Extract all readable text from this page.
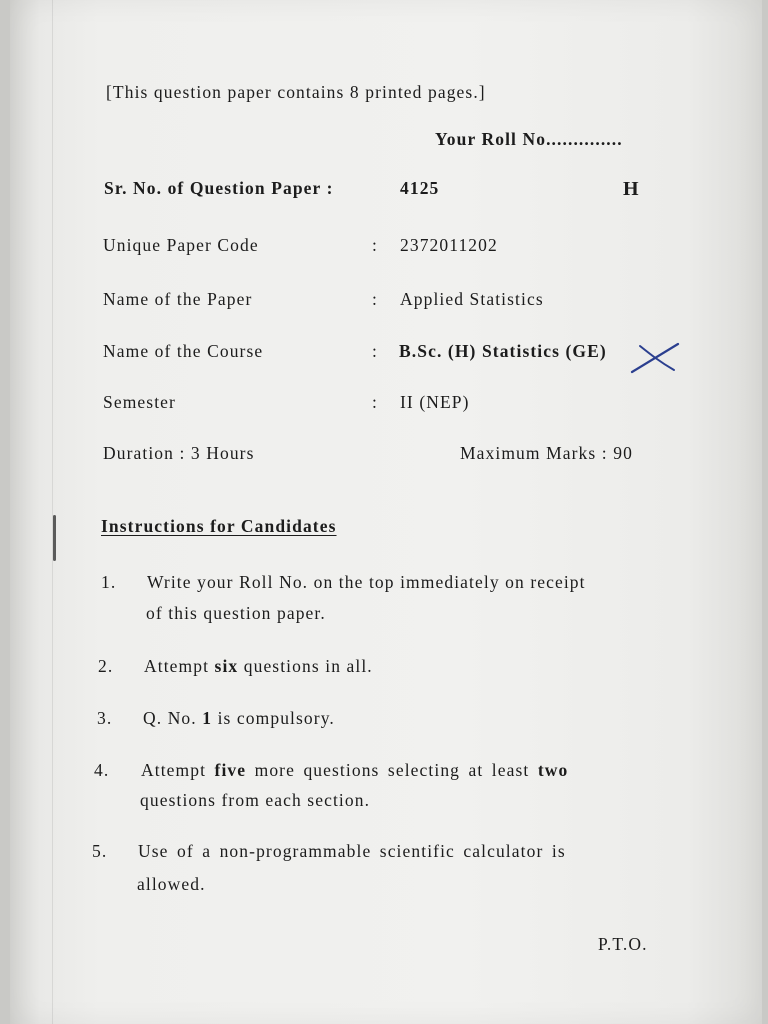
[This question paper contains 8 printed pages.]
Your Roll No..............
Sr. No. of Question Paper :	4125	H
Unique Paper Code	: 2372011202
Name of the Paper	: Applied Statistics
Name of the Course	: B.Sc. (H) Statistics (GE)
Semester	: II (NEP)
Duration : 3 Hours	Maximum Marks : 90
Instructions for Candidates
1. Write your Roll No. on the top immediately on receipt
of this question paper.
2. Attempt six questions in all.
3. Q. No. 1 is compulsory.
4. Attempt five more questions selecting at least two
questions from each section.
5. Use of a non-programmable scientific calculator is
allowed.
P.T.O.
